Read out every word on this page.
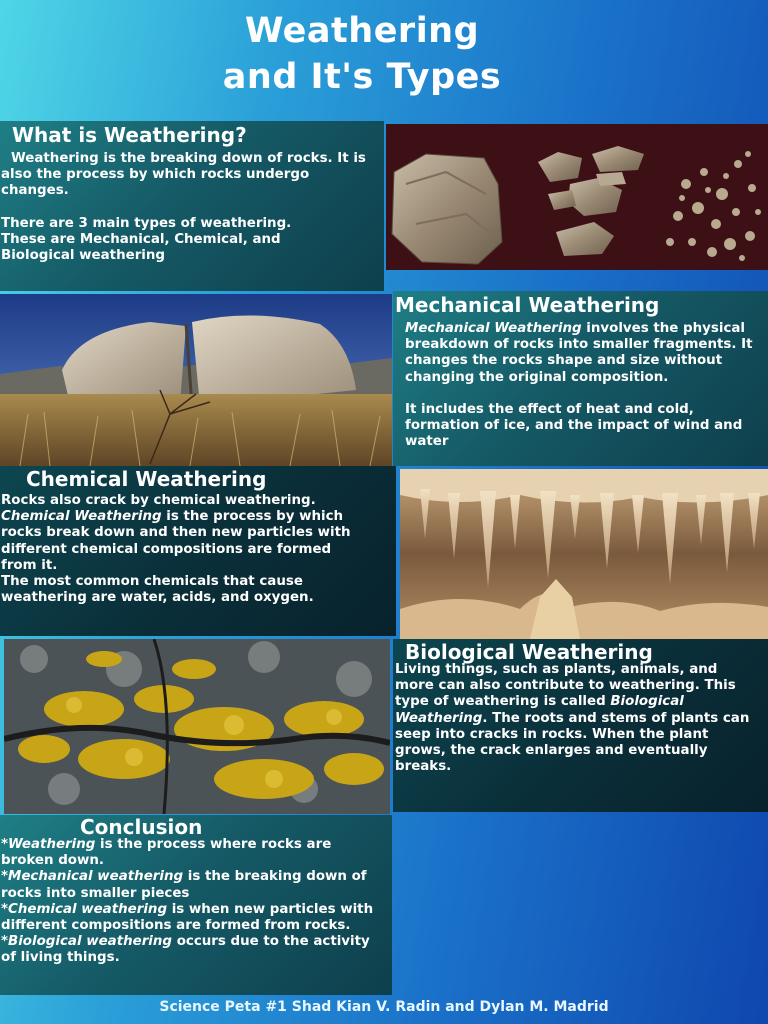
Weathering
and It's Types
What is Weathering?

Weathering is the breaking down of rocks. It is also the process by which rocks undergo changes.

There are 3 main types of weathering. These are Mechanical, Chemical, and Biological weathering

Mechanical Weathering

Mechanical Weathering involves the physical breakdown of rocks into smaller fragments. It changes the rocks shape and size without changing the original composition.

It includes the effect of heat and cold, formation of ice, and the impact of wind and water

Chemical Weathering

Rocks also crack by chemical weathering. Chemical Weathering is the process by which rocks break down and then new particles with different chemical compositions are formed from it.

The most common chemicals that cause weathering are water, acids, and oxygen.

Biological Weathering

Living things, such as plants, animals, and more can also contribute to weathering. This type of weathering is called Biological Weathering. The roots and stems of plants can seep into cracks in rocks. When the plant grows, the crack enlarges and eventually breaks.

Conclusion

*Weathering is the process where rocks are broken down.

*Mechanical weathering is the breaking down of rocks into smaller pieces

*Chemical weathering is when new particles with different compositions are formed from rocks.

*Biological weathering occurs due to the activity of living things.

Science Peta #1 Shad Kian V. Radin and Dylan M. Madrid
